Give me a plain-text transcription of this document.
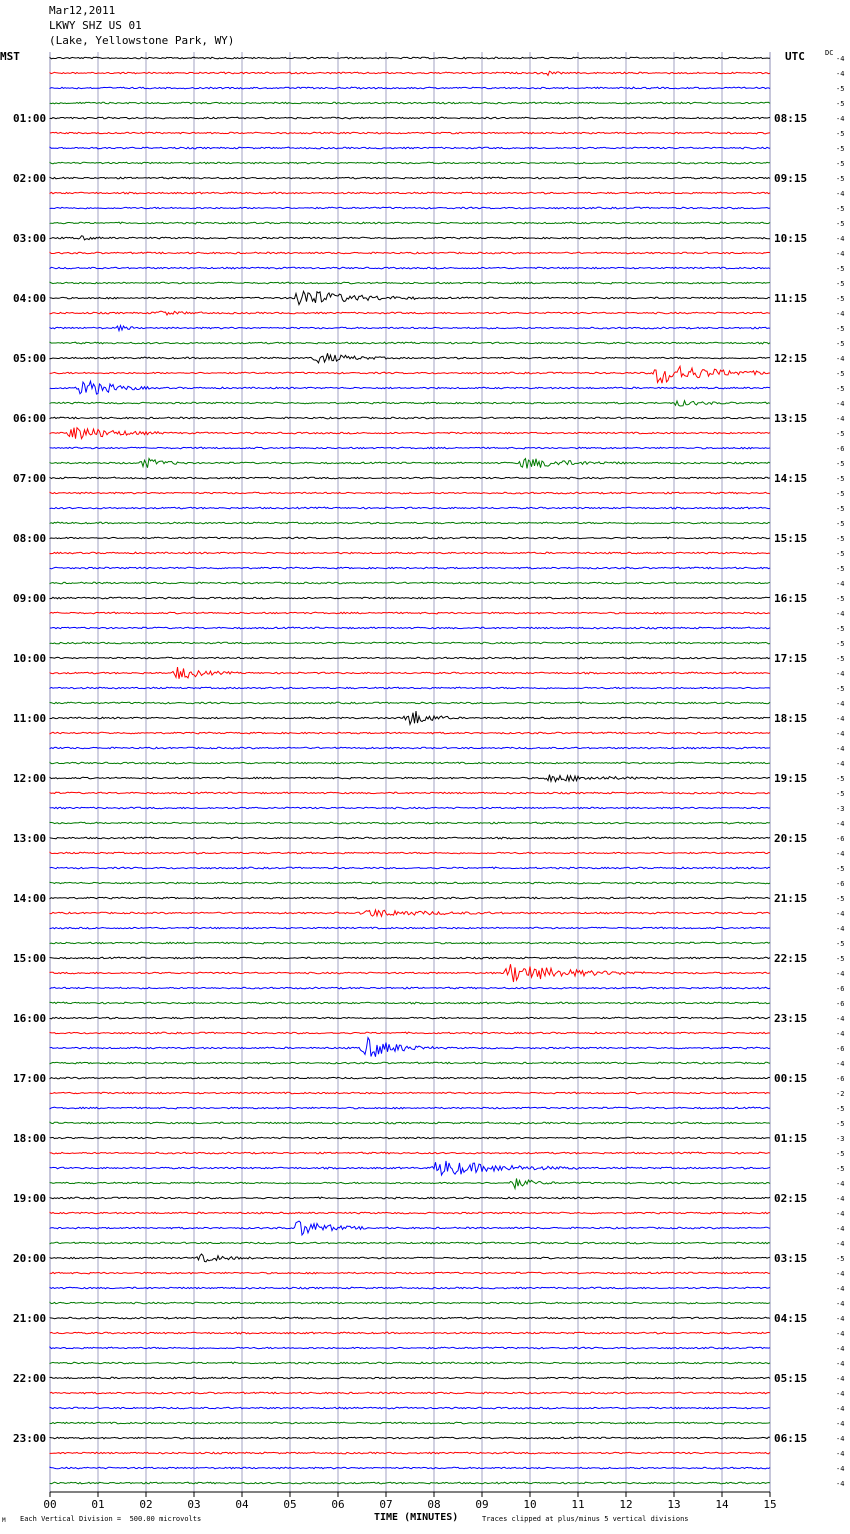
Mar12,2011
LKWY SHZ US 01
(Lake, Yellowstone Park, WY)
MST	UTC	DC
00	01	02	03	04	05	06	07	08	09	10	11	12	13	14	15
-4
-4
-5
-5
-4
-5
-5
-5
-5
-4
-5
-5
-4
-4
-5
-5
-5
-4
-5
-5
-4
-5
-5
-4
-4
-5
-6
-5
-5
-5
-5
-5
-5
-5
-5
-4
-5
-4
-5
-5
-5
-4
-5
-4
-4
-4
-4
-4
-5
-5
-3
-4
-6
-4
-5
-6
-5
-4
-4
-5
-5
-4
-6
-6
-4
-4
-6
-4
-6
-2
-5
-5
-3
-5
-5
-4
-4
-4
-4
-4
-5
-4
-4
-4
-4
-4
-4
-4
-4
-4
-4
-4
-4
-4
-4
-4
01:00
02:00
03:00
04:00
05:00
06:00
07:00
08:00
09:00
10:00
11:00
12:00
13:00
14:00
15:00
16:00
17:00
18:00
19:00
20:00
21:00
22:00
23:00
08:15
09:15
10:15
11:15
12:15
13:15
14:15
15:15
16:15
17:15
18:15
19:15
20:15
21:15
22:15
23:15
00:15
01:15
02:15
03:15
04:15
05:15
06:15
M Each Vertical Division =  500.00 microvolts	TIME (MINUTES)	Traces clipped at plus/minus 5 vertical divisions
